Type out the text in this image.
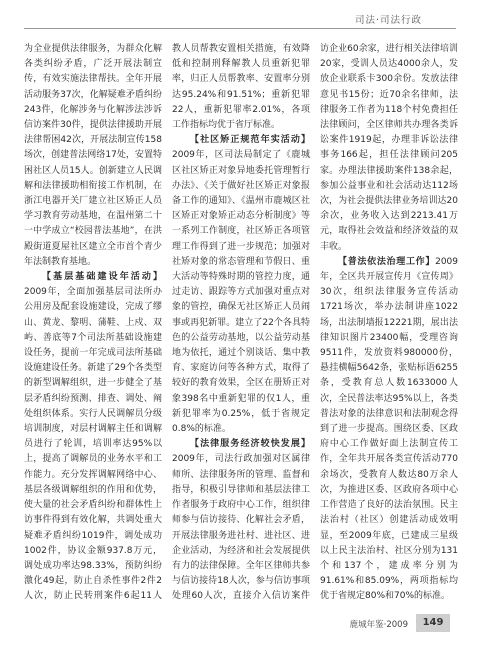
司法·司法行政

为全业提供法律服务，为群众化解各类纠纷矛盾，广泛开展法制宣传，有效实施法律帮扶。全年开展活动服务37次，化解疑难矛盾纠纷243件，化解涉务与化解涉法涉诉信访案件30件，提供法律援助开展法律帮困42次，开展法制宣传158场次，创建普法网络17处，安置特困社区人员15人。创新建立人民调解和法律援助相衔接工作机制，在浙江电器开关厂建立社区矫正人员学习教育劳动基地，在温州第二十一中学成立“校园普法基地”，在洪殿街道夏屋社区建立全市首个青少年法制教育基地。

【基层基础建设年活动】2009年，全面加强基层司法所办公用房及配套设施建设，完成了缪山、黄龙、黎明、蒲鞋、上戍、双屿、善底等7个司法所基础设施建设任务，提前一年完成司法所基础设施建设任务。新建了29个各类型的新型调解组织，进一步健全了基层矛盾纠纷预测、排查、调处、阐处组织体系。实行人民调解员分级培训制度，对层村调解主任和调解员进行了轮训，培训率达95%以上，提高了调解员的业务水平和工作能力。充分发挥调解网络中心、基层各级调解组织的作用和优势，使大量的社会矛盾纠纷和群体性上访事件得到有效化解，共调处重大疑难矛盾纠纷1019件，调处成功1002件，协议金额937.8万元，调处成功率达98.33%，预防纠纷激化49起，防止自杀性事件2件2人次，防止民转刑案件6起11人

教人员帮教安置相关措施，有效降低和控制刑释解教人员重新犯罪率，归正人员帮教率、安置率分别达95.24%和91.51%；重新犯罪22人，重新犯罪率2.01%，各项工作指标均优于省厅标准。

【社区矫正规范年实活动】2009年，区司法局制定了《鹿城区社区矫正对象异地委托管理暂行办法》、《关于做好社区矫正对象报备工作的通知》、《温州市鹿城区社区矫正对象矫正动态分析制度》等一系列工作制度，社区矫正各项管理工作得到了进一步规范；加强对社矫对象的常态管理和节假日、重大活动等特殊时期的管控力度，通过走访、跟踪等方式加强对重点对象的管控，确保无社区矫正人员闹事或再犯新罪。建立了22个各具特色的公益劳动基地，以公益劳动基地为依托，通过个别谈话、集中教育、家庭访问等各种方式，取得了较好的教育效果，全区在册矫正对象398名中重新犯罪的仅1人，重新犯罪率为0.25%，低于省规定0.8%的标准。

【法律服务经济较快发展】2009年，司法行政加强对区属律师所、法律服务所的管理、监督和指导，积极引导律师和基层法律工作者服务于政府中心工作，组织律师参与信访接待、化解社会矛盾，开展法律服务进社村、进社区、进企业活动，为经济和社会发展提供有力的法律保障。全年区律师共参与信访接待18人次，参与信访事项处理60人次，直接介入信访案件

访企业60余家，进行相关法律培训20家，受训人员达4000余人，发放企业联系卡300余份。发放法律意见书15份；近70余名律师，法律服务工作者为118个村免费担任法律顾问，全区律师共办理各类诉讼案件1919起，办理非诉讼法律事务166起，担任法律顾问205家。办理法律援助案件138余起，参加公益事业和社会活动达112场次，为社会提供法律业务培训达20余次，业务收入达到2213.41万元，取得社会效益和经济效益的双丰收。

【普法依法治理工作】2009年，全区共开展宣传月《宣传周》30次，组织法律服务宣传活动1721场次，举办法制讲座1022场，出法制墙报12221期，展出法律知识图片23400幅，受理咨询9511件，发放资料980000份，悬挂横幅5642条，张贴标语6255条，受教育总人数1633000人次，全民普法率达95%以上，各类普法对象的法律意识和法制观念得到了进一步提高。围绕区委、区政府中心工作做好面上法制宣传工作，全年共开展各类宣传活动770余场次，受教育人数达80万余人次，为推进区委、区政府各项中心工作营造了良好的法治氛围。民主法治村（社区）创建活动成效明显，至2009年底，已建成三星级以上民主法治村、社区分别为131个和137个，建成率分别为91.61%和85.09%，两项指标均优于省规定80%和70%的标准。

鹿城年鉴·2009	149
